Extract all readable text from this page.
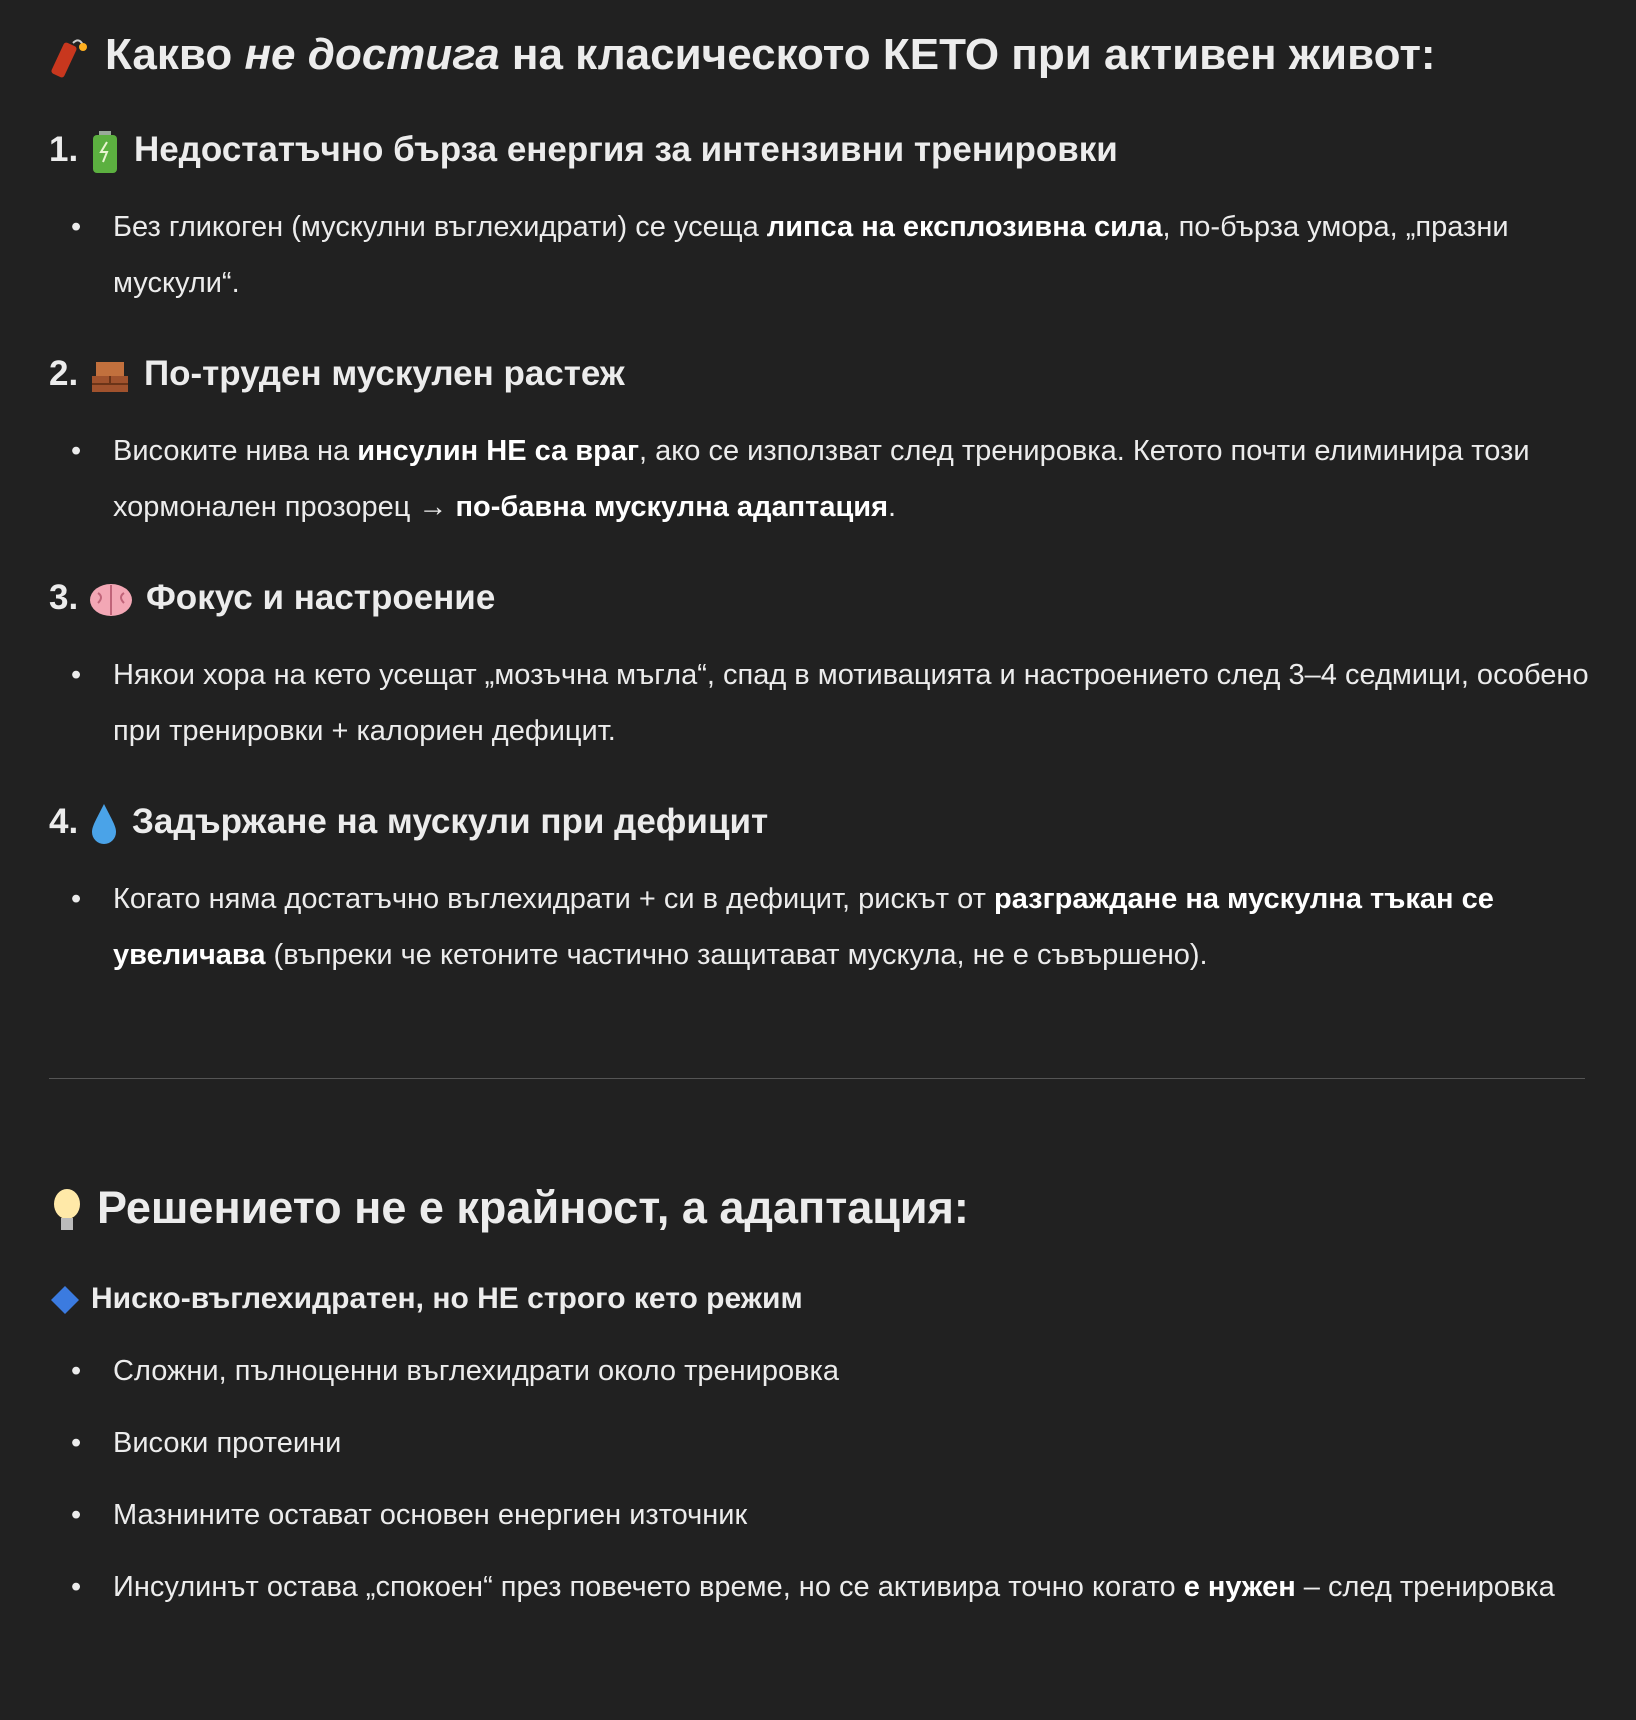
Какво не достига на класическото КЕТО при активен живот:
1. Недостатъчно бърза енергия за интензивни тренировки
• Без гликоген (мускулни въглехидрати) се усеща липса на експлозивна сила, по-бърза умора, „празни мускули“.
2. По-труден мускулен растеж
• Високите нива на инсулин НЕ са враг, ако се използват след тренировка. Кетото почти елиминира този хормонален прозорец → по-бавна мускулна адаптация.
3. Фокус и настроение
• Някои хора на кето усещат „мозъчна мъгла“, спад в мотивацията и настроението след 3–4 седмици, особено при тренировки + калориен дефицит.
4. Задържане на мускули при дефицит
• Когато няма достатъчно въглехидрати + си в дефицит, рискът от разграждане на мускулна тъкан се увеличава (въпреки че кетоните частично защитават мускула, не е съвършено).
Решението не е крайност, а адаптация:
Ниско-въглехидратен, но НЕ строго кето режим
• Сложни, пълноценни въглехидрати около тренировка
• Високи протеини
• Мазнините остават основен енергиен източник
• Инсулинът остава „спокоен“ през повечето време, но се активира точно когато е нужен – след тренировка
